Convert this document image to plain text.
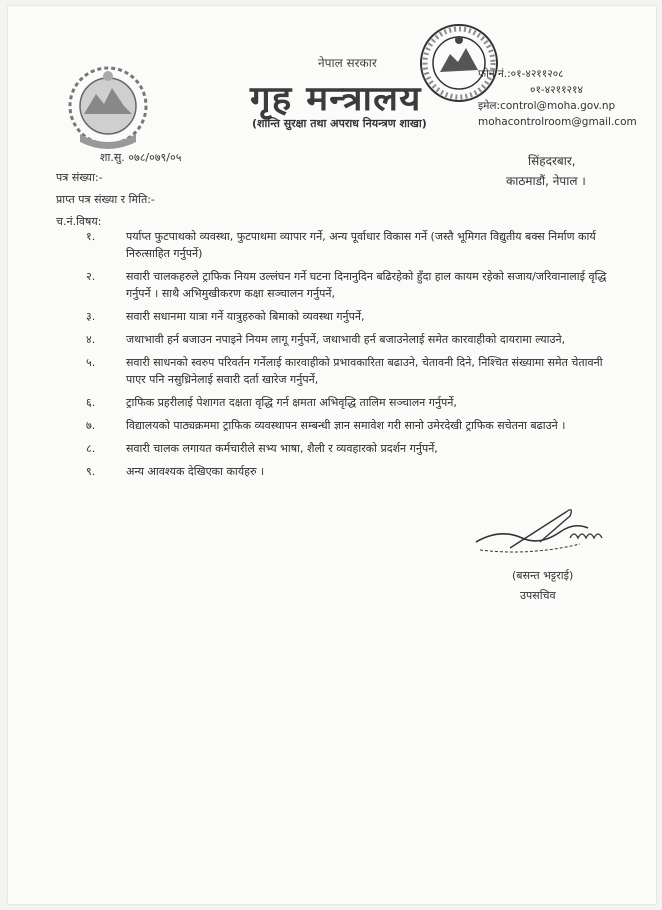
नेपाल सरकार
गृह मन्त्रालय
(शान्ति सुरक्षा तथा अपराध नियन्त्रण शाखा)
फोन नं.:०१-४२११२०८
०१-४२११२१४
इमेल:control@moha.gov.np
mohacontrolroom@gmail.com
शा.सु. ०७८/०७९/०५
पत्र संख्या:-
प्राप्त पत्र संख्या र मिति:-
सिंहदरबार,
काठमाडौं, नेपाल ।
च.नं.विषय:
१.	पर्याप्त फुटपाथको व्यवस्था, फुटपाथमा व्यापार गर्ने, अन्य पूर्वाधार विकास गर्ने (जस्तै भूमिगत विद्युतीय बक्स निर्माण कार्य निरुत्साहित गर्नुपर्ने)
२.	सवारी चालकहरुले ट्राफिक नियम उल्लंघन गर्ने घटना दिनानुदिन बढिरहेको हुँदा हाल कायम रहेको सजाय/जरिवानालाई वृद्धि गर्नुपर्ने । साथै अभिमुखीकरण कक्षा सञ्चालन गर्नुपर्ने,
३.	सवारी सधानमा यात्रा गर्ने यात्रुहरुको बिमाको व्यवस्था गर्नुपर्ने,
४.	जथाभावी हर्न बजाउन नपाइने नियम लागू गर्नुपर्ने, जथाभावी हर्न बजाउनेलाई समेत कारवाहीको दायरामा ल्याउने,
५.	सवारी साधनको स्वरुप परिवर्तन गर्नेलाई कारवाहीको प्रभावकारिता बढाउने, चेतावनी दिने, निश्चित संख्यामा समेत चेतावनी पाएर पनि नसुध्रिनेलाई सवारी दर्ता खारेज गर्नुपर्ने,
६.	ट्राफिक प्रहरीलाई पेशागत दक्षता वृद्धि गर्न क्षमता अभिवृद्धि तालिम सञ्चालन गर्नुपर्ने,
७.	विद्यालयको पाठ्यक्रममा ट्राफिक व्यवस्थापन सम्बन्धी ज्ञान समावेश गरी सानो उमेरदेखी ट्राफिक सचेतना बढाउने ।
८.	सवारी चालक लगायत कर्मचारीले सभ्य भाषा, शैली र व्यवहारको प्रदर्शन गर्नुपर्ने,
९.	अन्य आवश्यक देखिएका कार्यहरु ।
(बसन्त भट्टराई)
उपसचिव
